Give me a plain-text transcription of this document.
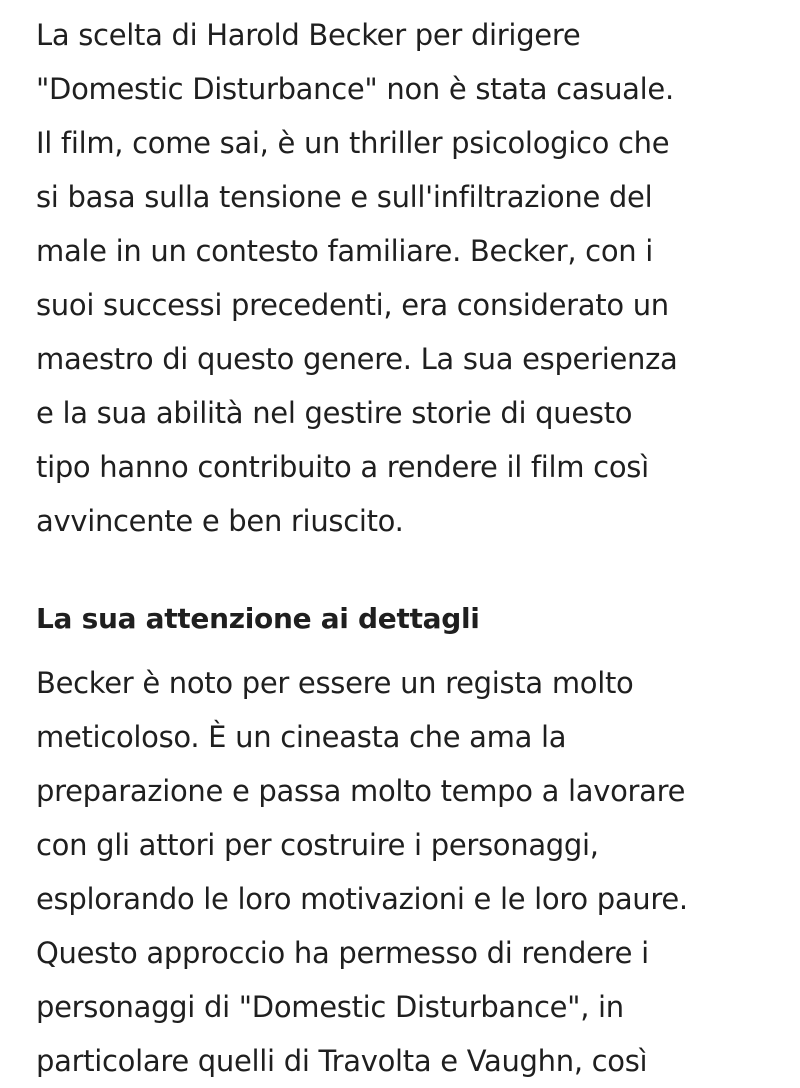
La scelta di Harold Becker per dirigere
"Domestic Disturbance" non è stata casuale.
Il film, come sai, è un thriller psicologico che
si basa sulla tensione e sull'infiltrazione del
male in un contesto familiare. Becker, con i
suoi successi precedenti, era considerato un
maestro di questo genere. La sua esperienza
e la sua abilità nel gestire storie di questo
tipo hanno contribuito a rendere il film così
avvincente e ben riuscito.
La sua attenzione ai dettagli
Becker è noto per essere un regista molto
meticoloso. È un cineasta che ama la
preparazione e passa molto tempo a lavorare
con gli attori per costruire i personaggi,
esplorando le loro motivazioni e le loro paure.
Questo approccio ha permesso di rendere i
personaggi di "Domestic Disturbance", in
particolare quelli di Travolta e Vaughn, così
